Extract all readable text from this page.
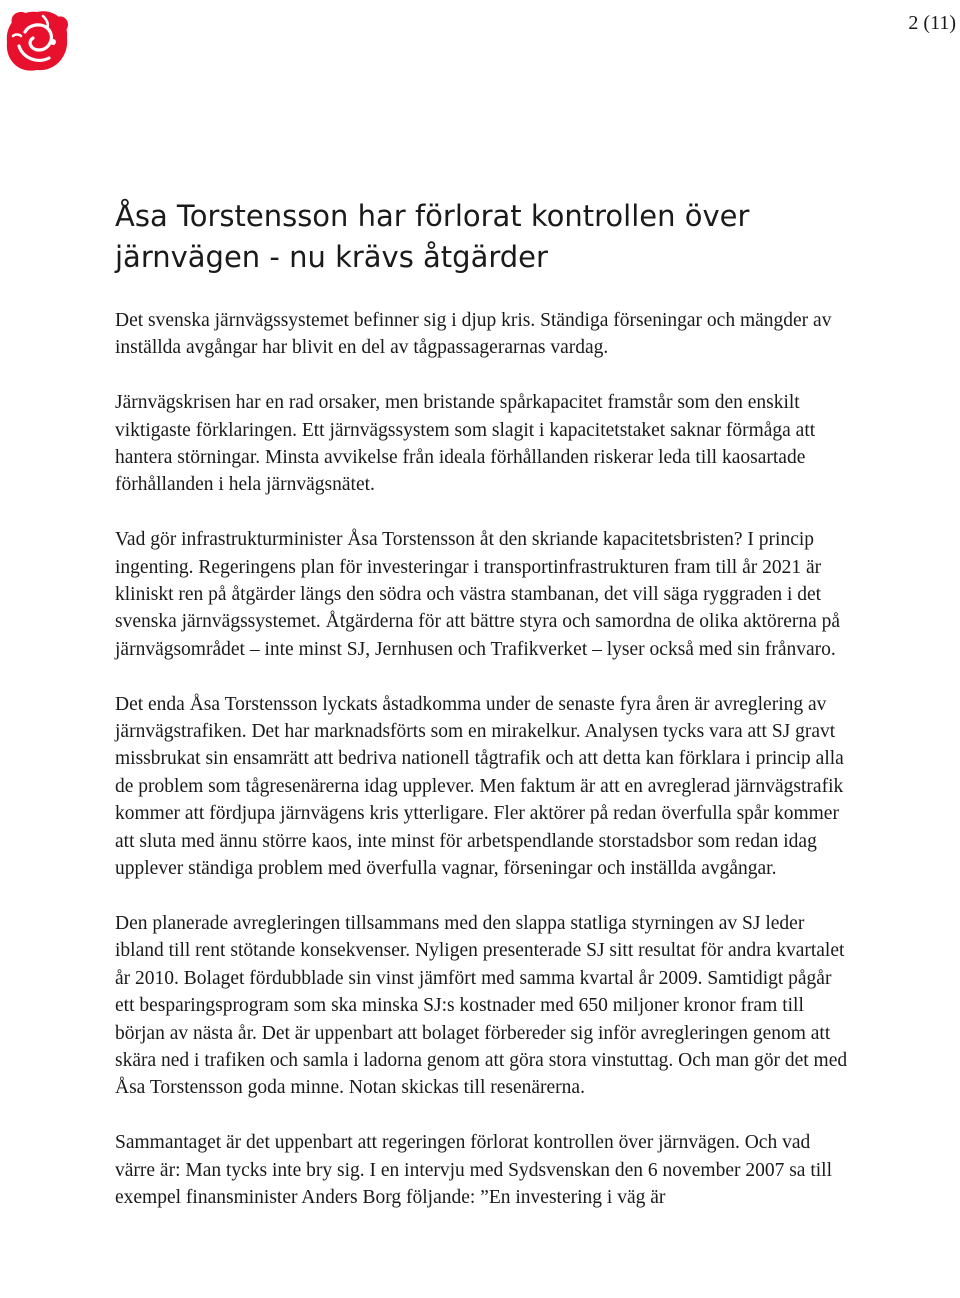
2 (11)
Åsa Torstensson har förlorat kontrollen över järnvägen - nu krävs åtgärder

Det svenska järnvägssystemet befinner sig i djup kris. Ständiga förseningar och mängder av inställda avgångar har blivit en del av tågpassagerarnas vardag.

Järnvägskrisen har en rad orsaker, men bristande spårkapacitet framstår som den enskilt viktigaste förklaringen. Ett järnvägssystem som slagit i kapacitetstaket saknar förmåga att hantera störningar. Minsta avvikelse från ideala förhållanden riskerar leda till kaosartade förhållanden i hela järnvägsnätet.

Vad gör infrastrukturminister Åsa Torstensson åt den skriande kapacitetsbristen? I princip ingenting. Regeringens plan för investeringar i transportinfrastrukturen fram till år 2021 är kliniskt ren på åtgärder längs den södra och västra stambanan, det vill säga ryggraden i det svenska järnvägssystemet. Åtgärderna för att bättre styra och samordna de olika aktörerna på järnvägsområdet – inte minst SJ, Jernhusen och Trafikverket – lyser också med sin frånvaro.

Det enda Åsa Torstensson lyckats åstadkomma under de senaste fyra åren är avreglering av järnvägstrafiken. Det har marknadsförts som en mirakelkur. Analysen tycks vara att SJ gravt missbrukat sin ensamrätt att bedriva nationell tågtrafik och att detta kan förklara i princip alla de problem som tågresenärerna idag upplever. Men faktum är att en avreglerad järnvägstrafik kommer att fördjupa järnvägens kris ytterligare. Fler aktörer på redan överfulla spår kommer att sluta med ännu större kaos, inte minst för arbetspendlande storstadsbor som redan idag upplever ständiga problem med överfulla vagnar, förseningar och inställda avgångar.

Den planerade avregleringen tillsammans med den slappa statliga styrningen av SJ leder ibland till rent stötande konsekvenser. Nyligen presenterade SJ sitt resultat för andra kvartalet år 2010. Bolaget fördubblade sin vinst jämfört med samma kvartal år 2009. Samtidigt pågår ett besparingsprogram som ska minska SJ:s kostnader med 650 miljoner kronor fram till början av nästa år. Det är uppenbart att bolaget förbereder sig inför avregleringen genom att skära ned i trafiken och samla i ladorna genom att göra stora vinstuttag. Och man gör det med Åsa Torstensson goda minne. Notan skickas till resenärerna.

Sammantaget är det uppenbart att regeringen förlorat kontrollen över järnvägen. Och vad värre är: Man tycks inte bry sig. I en intervju med Sydsvenskan den 6 november 2007 sa till exempel finansminister Anders Borg följande: ”En investering i väg är
